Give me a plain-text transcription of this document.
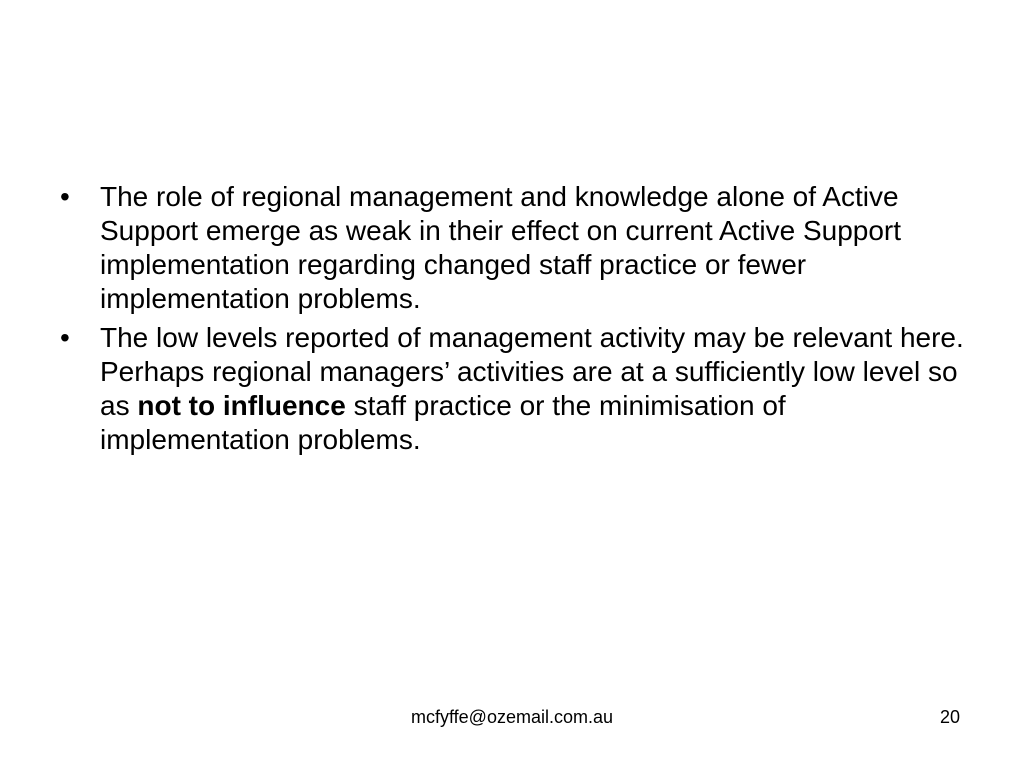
• The role of regional management and knowledge alone of Active Support emerge as weak in their effect on current Active Support implementation regarding changed staff practice or fewer implementation problems.
• The low levels reported of management activity may be relevant here. Perhaps regional managers’ activities are at a sufficiently low level so as not to influence staff practice or the minimisation of implementation problems.
mcfyffe@ozemail.com.au	20
